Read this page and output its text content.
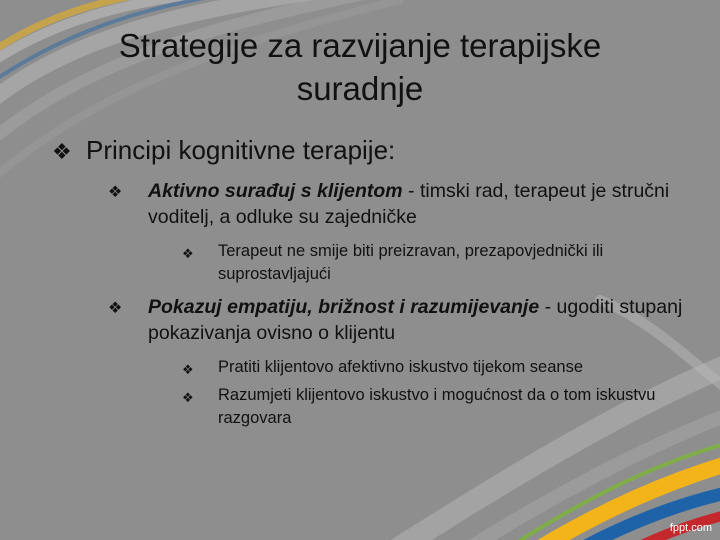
Strategije za razvijanje terapijske suradnje
❖ Principi kognitivne terapije:
❖ Aktivno surađuj s klijentom - timski rad, terapeut je stručni voditelj, a odluke su zajedničke
❖ Terapeut ne smije biti preizravan, prezapovjednički ili suprostavljajući
❖ Pokazuj empatiju, brižnost i razumijevanje - ugoditi stupanj pokazivanja ovisno o klijentu
❖ Pratiti klijentovo afektivno iskustvo tijekom seanse
❖ Razumjeti klijentovo iskustvo i mogućnost da o tom iskustvu razgovara
fppt.com
